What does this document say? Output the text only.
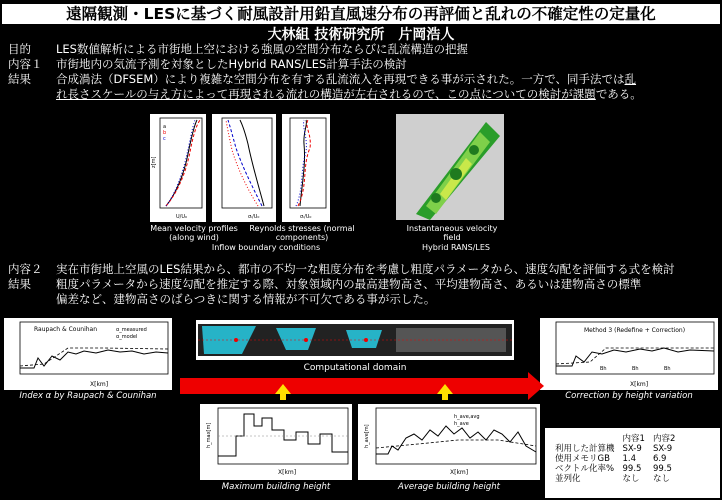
遠隔観測・LESに基づく耐風設計用鉛直風速分布の再評価と乱れの不確定性の定量化
大林組 技術研究所　片岡浩人
目的 LES数値解析による市街地上空における強風の空間分布ならびに乱流構造の把握
内容１ 市街地内の気流予測を対象としたHybrid RANS/LES計算手法の検討
結果 合成渦法（DFSEM）により複雑な空間分布を有する乱流流入を再現できる事が示された。一方で、同手法では乱
れ長さスケールの与え方によって再現される流れの構造が左右されるので、この点についての検討が課題である。
z[m]
U/U₀
a
b
c
σᵢ/U₀	σᵢ/U₀
Mean velocity profiles
(along wind)
Reynolds stresses (normal
components)
Instantaneous velocity
field
Inflow boundary conditions	Hybrid RANS/LES
内容２ 実在市街地上空風のLES結果から、都市の不均一な粗度分布を考慮し粗度パラメータから、速度勾配を評価する式を検討
結果 粗度パラメータから速度勾配を推定する際、対象領域内の最高建物高さ、平均建物高さ、あるいは建物高さの標準
偏差など、建物高さのばらつきに関する情報が不可欠である事が示した。
Raupach & Counihan	α_measured
α_model
X[km]
Computational domain
Method 3 (Redefine + Correction)
Bh	Bh	Bh
X[km]
Index α by Raupach & Counihan	Correction by height variation
h_max[m]
X[km]
Maximum building height
h_ave,avg
h_ave
h_ave[m]
X[km]
Average building height
	内容1	内容2
利用した計算機	SX-9	SX-9
使用メモリGB	1.4	6.9
ベクトル化率%	99.5	99.5
並列化	なし	なし
